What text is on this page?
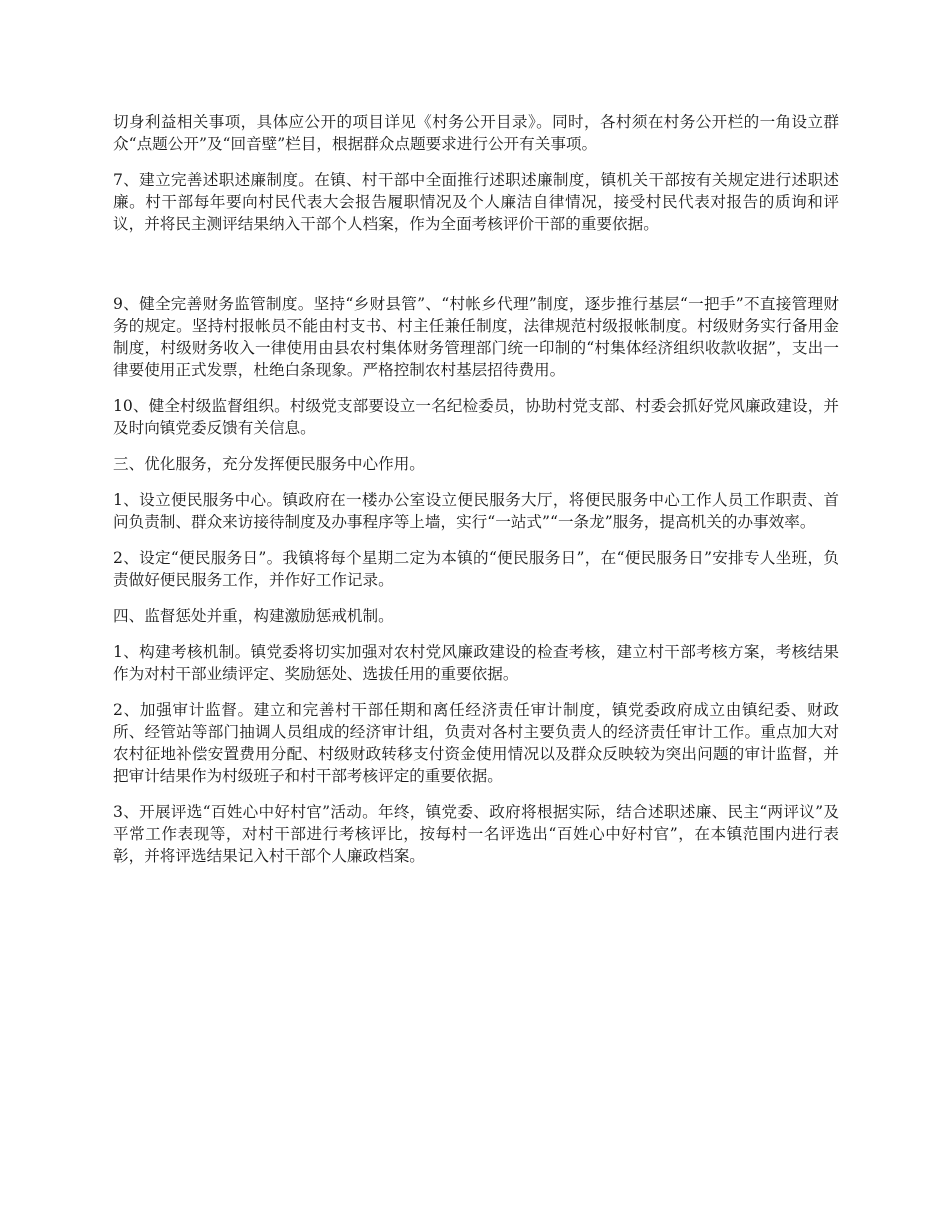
切身利益相关事项，具体应公开的项目详见《村务公开目录》。同时，各村须在村务公开栏的一角设立群众“点题公开”及“回音壁”栏目，根据群众点题要求进行公开有关事项。

7、建立完善述职述廉制度。在镇、村干部中全面推行述职述廉制度，镇机关干部按有关规定进行述职述廉。村干部每年要向村民代表大会报告履职情况及个人廉洁自律情况，接受村民代表对报告的质询和评议，并将民主测评结果纳入干部个人档案，作为全面考核评价干部的重要依据。

9、健全完善财务监管制度。坚持“乡财县管”、“村帐乡代理”制度，逐步推行基层“一把手”不直接管理财务的规定。坚持村报帐员不能由村支书、村主任兼任制度，法律规范村级报帐制度。村级财务实行备用金制度，村级财务收入一律使用由县农村集体财务管理部门统一印制的“村集体经济组织收款收据”，支出一律要使用正式发票，杜绝白条现象。严格控制农村基层招待费用。

10、健全村级监督组织。村级党支部要设立一名纪检委员，协助村党支部、村委会抓好党风廉政建设，并及时向镇党委反馈有关信息。

三、优化服务，充分发挥便民服务中心作用。

1、设立便民服务中心。镇政府在一楼办公室设立便民服务大厅，将便民服务中心工作人员工作职责、首问负责制、群众来访接待制度及办事程序等上墙，实行“一站式”“一条龙”服务，提高机关的办事效率。

2、设定“便民服务日”。我镇将每个星期二定为本镇的“便民服务日”，在“便民服务日”安排专人坐班，负责做好便民服务工作，并作好工作记录。

四、监督惩处并重，构建激励惩戒机制。

1、构建考核机制。镇党委将切实加强对农村党风廉政建设的检查考核，建立村干部考核方案，考核结果作为对村干部业绩评定、奖励惩处、选拔任用的重要依据。

2、加强审计监督。建立和完善村干部任期和离任经济责任审计制度，镇党委政府成立由镇纪委、财政所、经管站等部门抽调人员组成的经济审计组，负责对各村主要负责人的经济责任审计工作。重点加大对农村征地补偿安置费用分配、村级财政转移支付资金使用情况以及群众反映较为突出问题的审计监督，并把审计结果作为村级班子和村干部考核评定的重要依据。

3、开展评选“百姓心中好村官”活动。年终，镇党委、政府将根据实际，结合述职述廉、民主“两评议”及平常工作表现等，对村干部进行考核评比，按每村一名评选出“百姓心中好村官”，在本镇范围内进行表彰，并将评选结果记入村干部个人廉政档案。
